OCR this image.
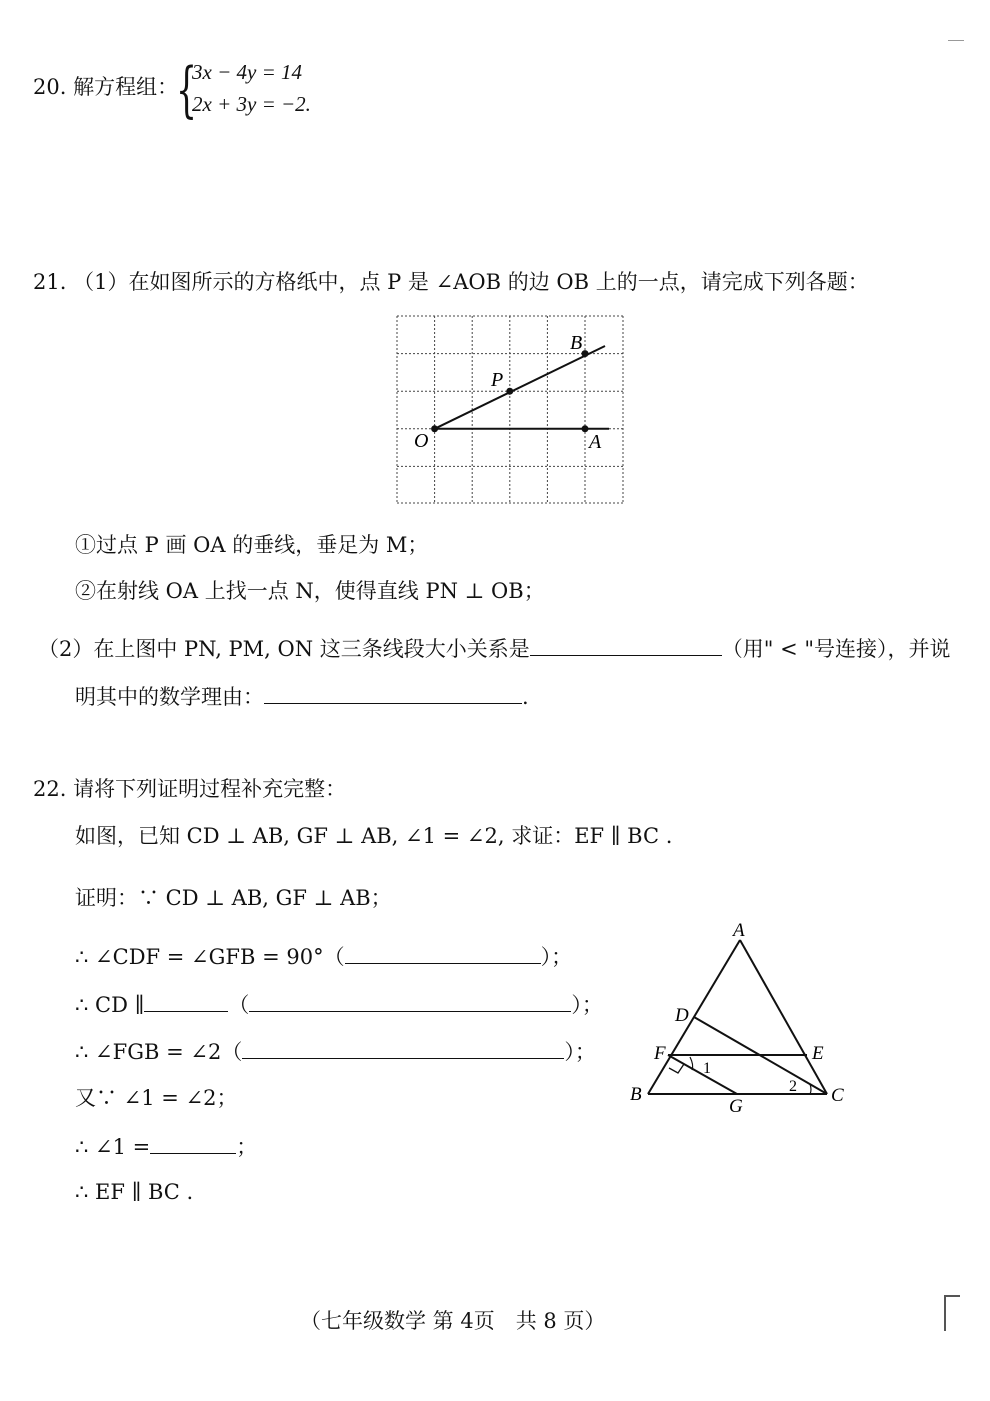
20. 解方程组：
{
3x − 4y = 14
2x + 3y = −2.
21. （1）在如图所示的方格纸中，点 P 是 ∠AOB 的边 OB 上的一点，请完成下列各题：
B
P
O	A
①过点 P 画 OA 的垂线，垂足为 M；
②在射线 OA 上找一点 N，使得直线 PN ⊥ OB；
（2）在上图中 PN, PM, ON 这三条线段大小关系是	（用" < "号连接），并说
明其中的数学理由：	.
22. 请将下列证明过程补充完整：
如图，已知 CD ⊥ AB, GF ⊥ AB, ∠1 = ∠2, 求证：EF ∥ BC .
证明：∵ CD ⊥ AB, GF ⊥ AB；
∴ ∠CDF = ∠GFB = 90°（	）；
∴ CD ∥	（	）；
∴ ∠FGB = ∠2（	）；
又∵ ∠1 = ∠2；
∴ ∠1 =	；
∴ EF ∥ BC .
A
D
E
F
B
G
C
1
2
（七年级数学 第 4页　共 8 页）
